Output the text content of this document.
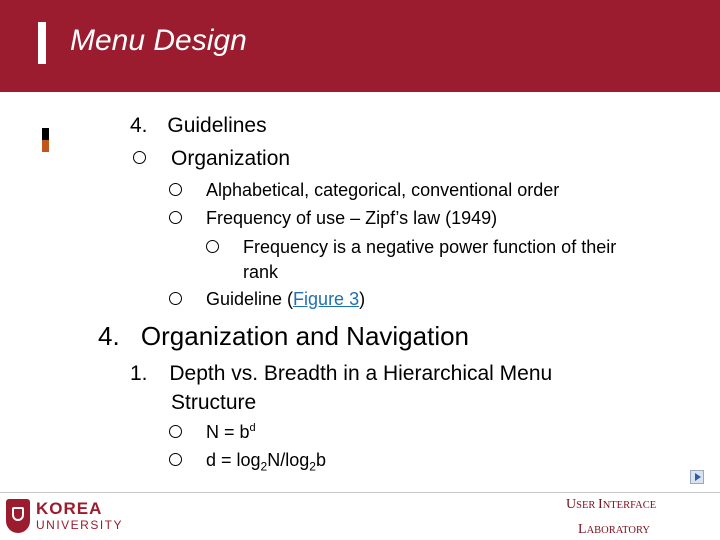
Menu Design
4. Guidelines
Organization
Alphabetical, categorical, conventional order
Frequency of use – Zipf’s law (1949)
Frequency is a negative power function of their
rank
Guideline (Figure 3)
4. Organization and Navigation
1. Depth vs. Breadth in a Hierarchical Menu
Structure
$N = b^d$
$d = \log_2N/\log_2b$
KOREA
UNIVERSITY
USER INTERFACE
LABORATORY
